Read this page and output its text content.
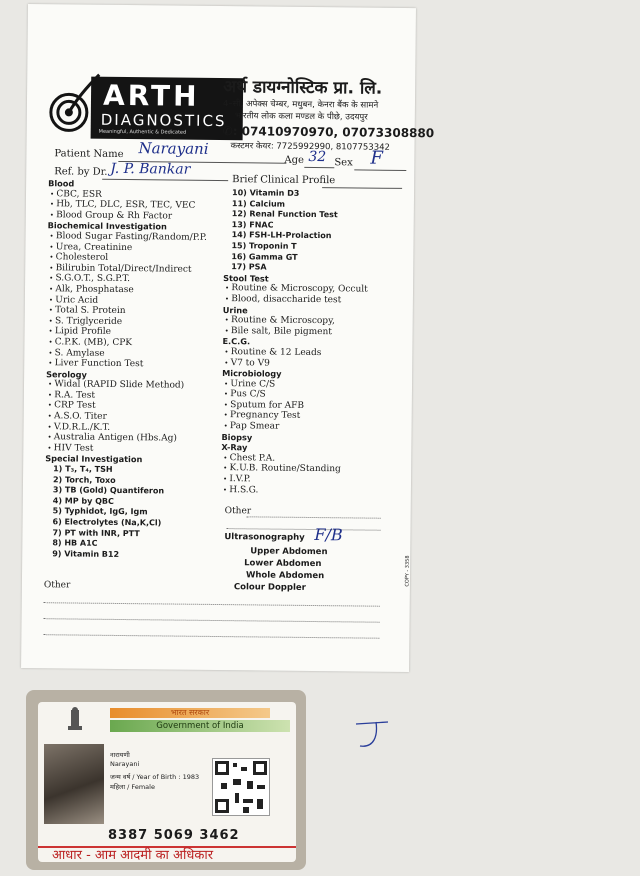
ARTH
DIAGNOSTICS
Meaningful, Authentic & Dedicated
अर्थ डायग्नोस्टिक प्रा. लि.
4–सी, अपेक्स चेम्बर, मधुबन, केनरा बैंक के सामने
भारतीय लोक कला मण्डल के पीछे, उदयपुर
✆: 07410970970, 07073308880
कस्टमर केयर: 7725992990, 8107753342
Patient Name Narayani
Age 32 Sex F
Ref. by Dr. J. P. Bankar
Brief Clinical Profile
Blood
• CBC, ESR
• Hb, TLC, DLC, ESR, TEC, VEC
• Blood Group & Rh Factor
Biochemical Investigation
• Blood Sugar Fasting/Random/P.P.
• Urea, Creatinine
• Cholesterol
• Bilirubin Total/Direct/Indirect
• S.G.O.T., S.G.P.T.
• Alk, Phosphatase
• Uric Acid
• Total S. Protein
• S. Triglyceride
• Lipid Profile
• C.P.K. (MB), CPK
• S. Amylase
• Liver Function Test
Serology
• Widal (RAPID Slide Method)
• R.A. Test
• CRP Test
• A.S.O. Titer
• V.D.R.L./K.T.
• Australia Antigen (Hbs.Ag)
• HIV Test
Special Investigation
1) T₃, T₄, TSH
2) Torch, Toxo
3) TB (Gold) Quantiferon
4) MP by QBC
5) Typhidot, IgG, Igm
6) Electrolytes (Na,K,Cl)
7) PT with INR, PTT
8) HB A1C
9) Vitamin B12
10) Vitamin D3
11) Calcium
12) Renal Function Test
13) FNAC
14) FSH-LH-Prolaction
15) Troponin T
16) Gamma GT
17) PSA
Stool Test
• Routine & Microscopy, Occult
• Blood, disaccharide test
Urine
• Routine & Microscopy,
• Bile salt, Bile pigment
E.C.G.
• Routine & 12 Leads
• V7 to V9
Microbiology
• Urine C/S
• Pus C/S
• Sputum for AFB
• Pregnancy Test
• Pap Smear
Biopsy
X-Ray
• Chest P.A.
• K.U.B. Routine/Standing
• I.V.P.
• H.S.G.
Other
Ultrasonography F/B
Upper Abdomen
Lower Abdomen
Whole Abdomen
Colour Doppler
COPY - 3358
Other
भारत सरकार
Government of India
नारायणी
Narayani
जन्म वर्ष / Year of Birth : 1983
महिला / Female
8387 5069 3462
आधार - आम आदमी का अधिकार
